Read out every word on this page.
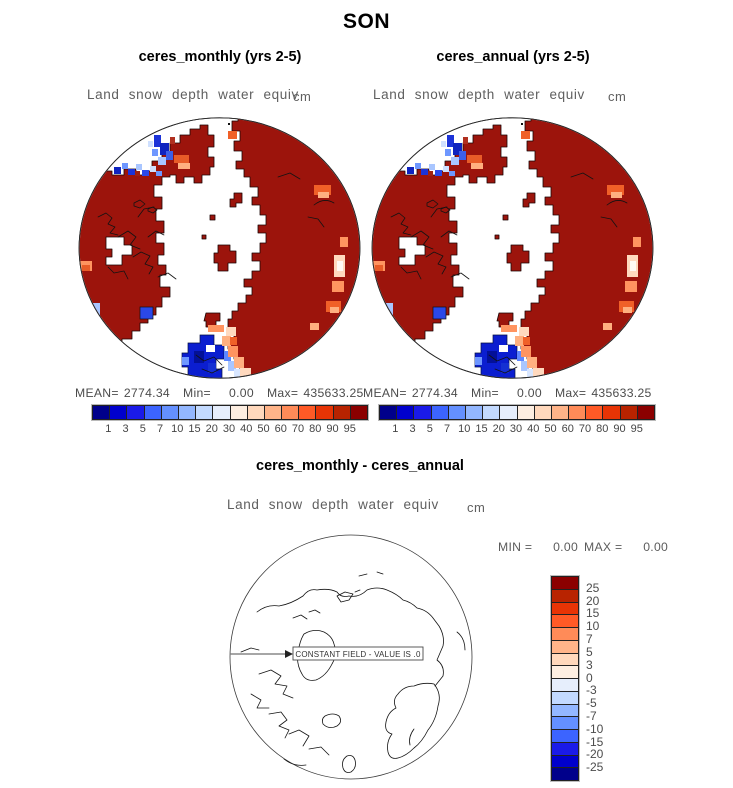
SON
ceres_monthly (yrs 2-5)	ceres_annual (yrs 2-5)
Land snow depth water equiv
cm	Land snow depth water equiv cm
MEAN= 2774.34 Min= 0.00 Max= 435633.25 MEAN= 2774.34 Min= 0.00 Max= 435633.25
1 3 5 7 10 15 20 30 40 50 60 70 80 90 95	1 3 5 7 10 15 20 30 40 50 60 70 80 90 95
ceres_monthly - ceres_annual
Land snow depth water equiv cm
MIN = 0.00 MAX = 0.00
CONSTANT FIELD - VALUE IS .0
25
20
15
10
7
5
3
0
-3
-5
-7
-10
-15
-20
-25
